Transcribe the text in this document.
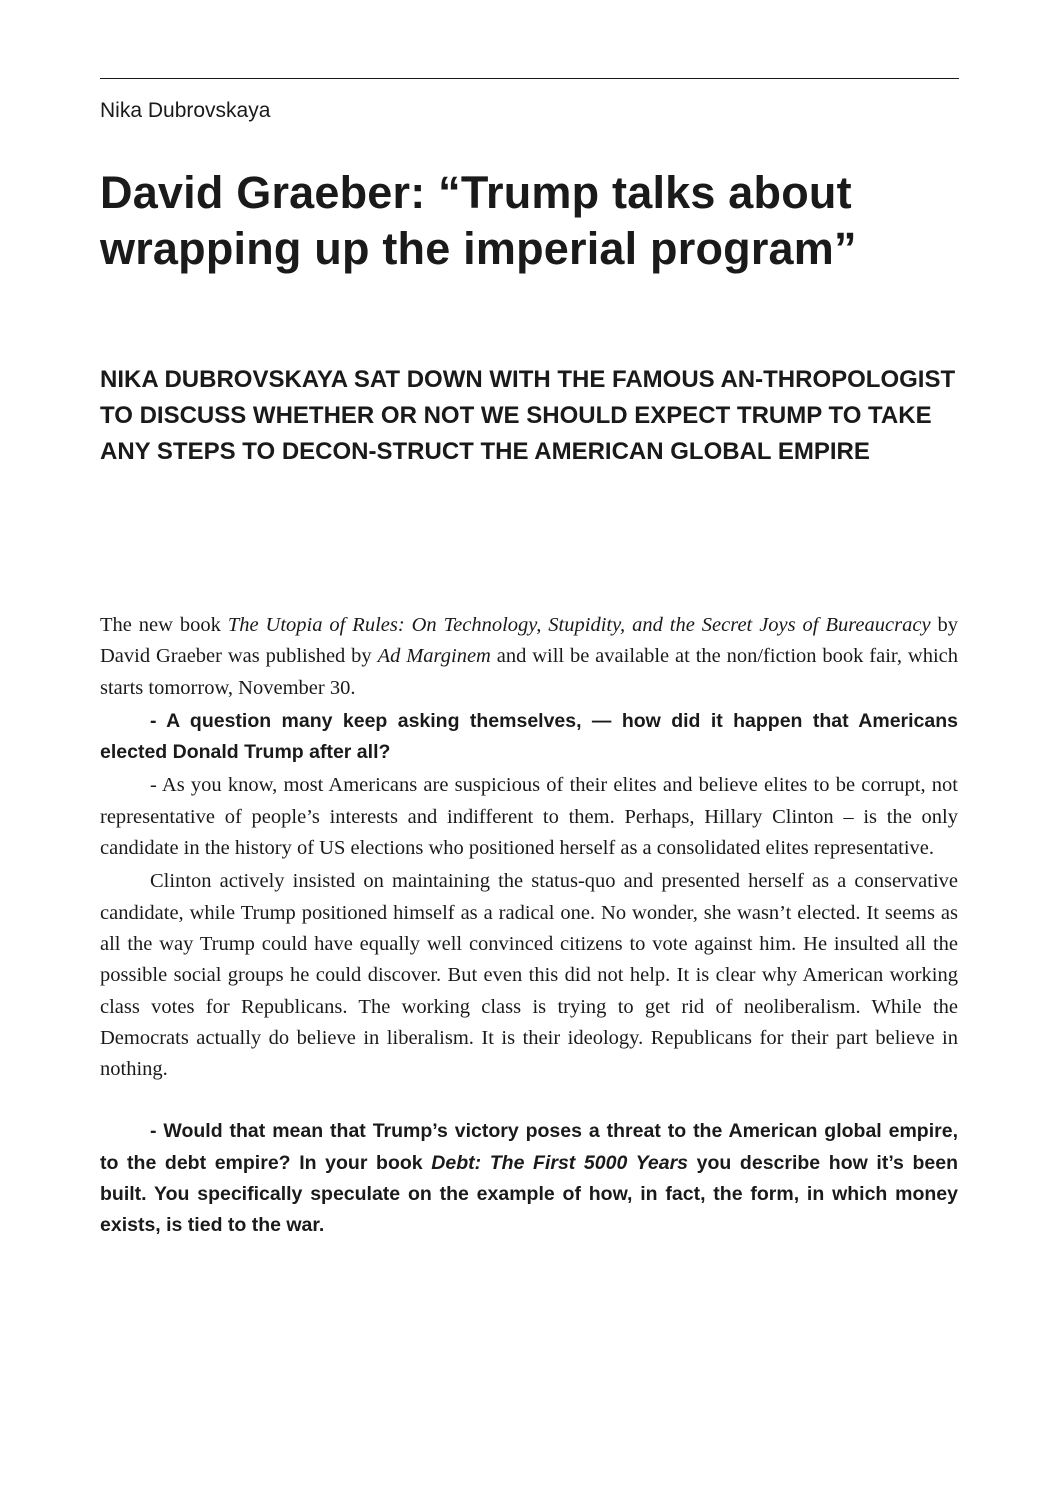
Nika Dubrovskaya
David Graeber: “Trump talks about wrapping up the imperial program”
NIKA DUBROVSKAYA SAT DOWN WITH THE FAMOUS AN-THROPOLOGIST TO DISCUSS WHETHER OR NOT WE SHOULD EXPECT TRUMP TO TAKE ANY STEPS TO DECON-STRUCT THE AMERICAN GLOBAL EMPIRE

The new book The Utopia of Rules: On Technology, Stupidity, and the Secret Joys of Bureaucracy by David Graeber was published by Ad Marginem and will be available at the non/fiction book fair, which starts tomorrow, November 30.

- A question many keep asking themselves, — how did it happen that Americans elected Donald Trump after all?

- As you know, most Americans are suspicious of their elites and believe elites to be corrupt, not representative of people’s interests and indifferent to them. Perhaps, Hillary Clinton – is the only candidate in the history of US elections who positioned herself as a consolidated elites representative.

Clinton actively insisted on maintaining the status-quo and presented herself as a conservative candidate, while Trump positioned himself as a radical one. No wonder, she wasn’t elected. It seems as all the way Trump could have equally well convinced citizens to vote against him. He insulted all the possible social groups he could discover. But even this did not help. It is clear why American working class votes for Republicans. The working class is trying to get rid of neoliberalism. While the Democrats actually do believe in liberalism. It is their ideology. Republicans for their part believe in nothing.

- Would that mean that Trump’s victory poses a threat to the American global empire, to the debt empire? In your book Debt: The First 5000 Years you describe how it’s been built. You specifically speculate on the example of how, in fact, the form, in which money exists, is tied to the war.
